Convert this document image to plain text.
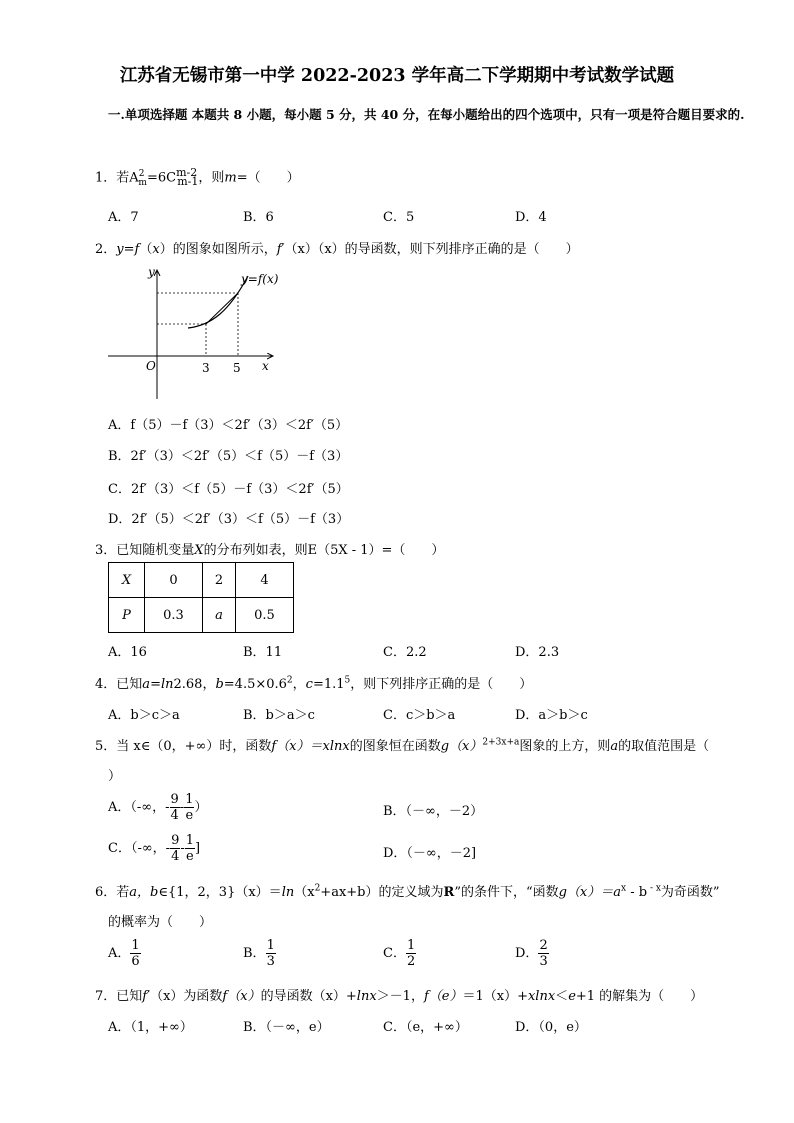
江苏省无锡市第一中学 2022-2023 学年高二下学期期中考试数学试题
一.单项选择题 本题共 8 小题，每小题 5 分，共 40 分，在每小题给出的四个选项中，只有一项是符合题目要求的.
1．若$A^2_m=6C^{m-2}_{m-1}$，则m=（　　）
A．7	B．6	C．5	D．4
2．y=f（x）的图象如图所示，f′（x）（x）的导函数，则下列排序正确的是（　　）
y
x
O	3 5
y=f(x)
A．f（5）－f（3）＜2f′（3）＜2f′（5）
B．2f′（3）＜2f′（5）＜f（5）－f（3）
C．2f′（3）＜f（5）－f（3）＜2f′（5）
D．2f′（5）＜2f′（3）＜f（5）－f（3）
3．已知随机变量X的分布列如表，则E（5X - 1）=（　　）
X	0	2	4
P	0.3	a	0.5
A．16	B．11	C．2.2	D．2.3
4．已知a=ln2.68，$b=4.5\times 0.6^2$，$c=1.1^5$，则下列排序正确的是（　　）
A．b＞c＞a	B．b＞a＞c	C．c＞b＞a	D．a＞b＞c
5．当 x∈（0，+∞）时，函数f（x）＝xlnx的图象恒在函数$g(x)^{2+3x+a}$图象的上方，则a的取值范围是（
）
A．（-∞，- $\frac{9}{4} - \frac{1}{e}$ ）	B．（－∞，－2）
C．（-∞，- $\frac{9}{4} - \frac{1}{e}$ ]	D．（－∞，－2]
6．若a，b∈{1，2，$3\}(x)=\ln(x^2+ax+b)$的定义域为R”的条件下，“函数$g(x)=a^x - b$ $^{- x}$为奇函数”
的概率为（　　）
A． $\frac{1}{6}$	B． $\frac{1}{3}$	C． $\frac{1}{2}$	D． $\frac{2}{3}$
7．已知f′（x）为函数f（x）的导函数（x）+lnx＞－1，f（e）＝1（x）+xlnx＜e+1 的解集为（　　）
A．（1，+∞）	B．（－∞，e）	C．（e，+∞）	D．（0，e）
